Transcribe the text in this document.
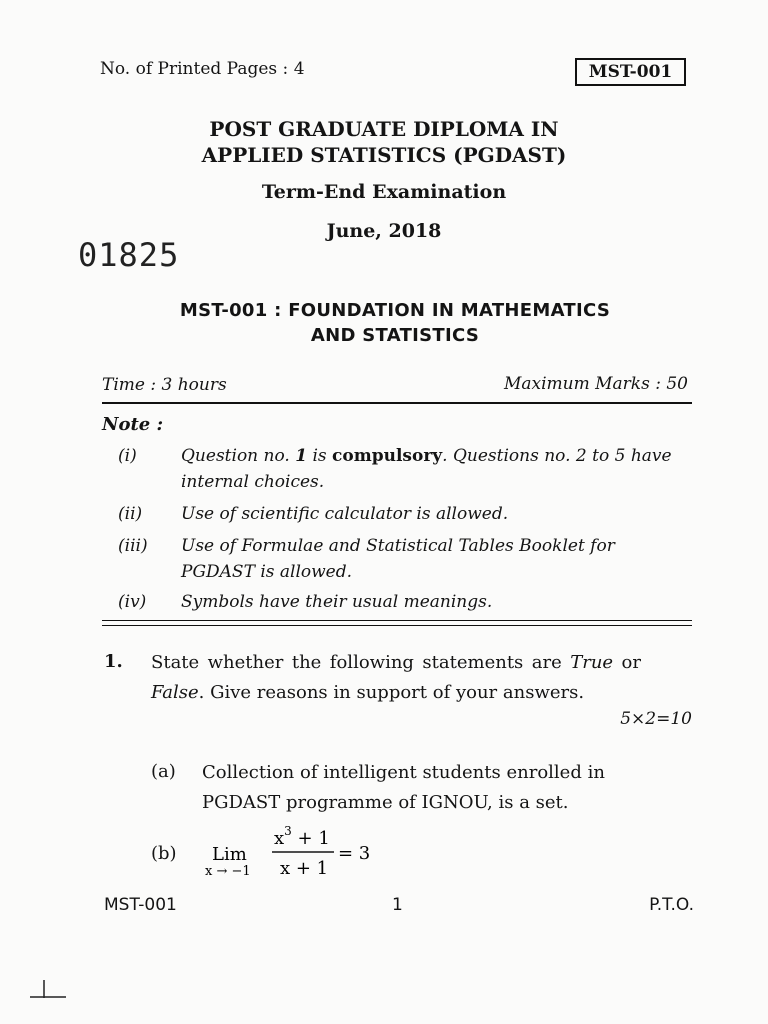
No. of Printed Pages : 4	MST-001
POST GRADUATE DIPLOMA IN
APPLIED STATISTICS (PGDAST)
Term-End Examination
June, 2018
01825
MST-001 : FOUNDATION IN MATHEMATICS
AND STATISTICS
Time : 3 hours	Maximum Marks : 50
Note :
(i)	Question no. 1 is compulsory. Questions no. 2 to 5 have internal choices.
(ii) Use of scientific calculator is allowed.
(iii) Use of Formulae and Statistical Tables Booklet for PGDAST is allowed.
(iv) Symbols have their usual meanings.
1. State whether the following statements are True or False. Give reasons in support of your answers.
5×2=10
(a) Collection of intelligent students enrolled in PGDAST programme of IGNOU, is a set.
(b) Lim
x → −1
$x^3 + 1$
x + 1
= 3
MST-001	1	P.T.O.
